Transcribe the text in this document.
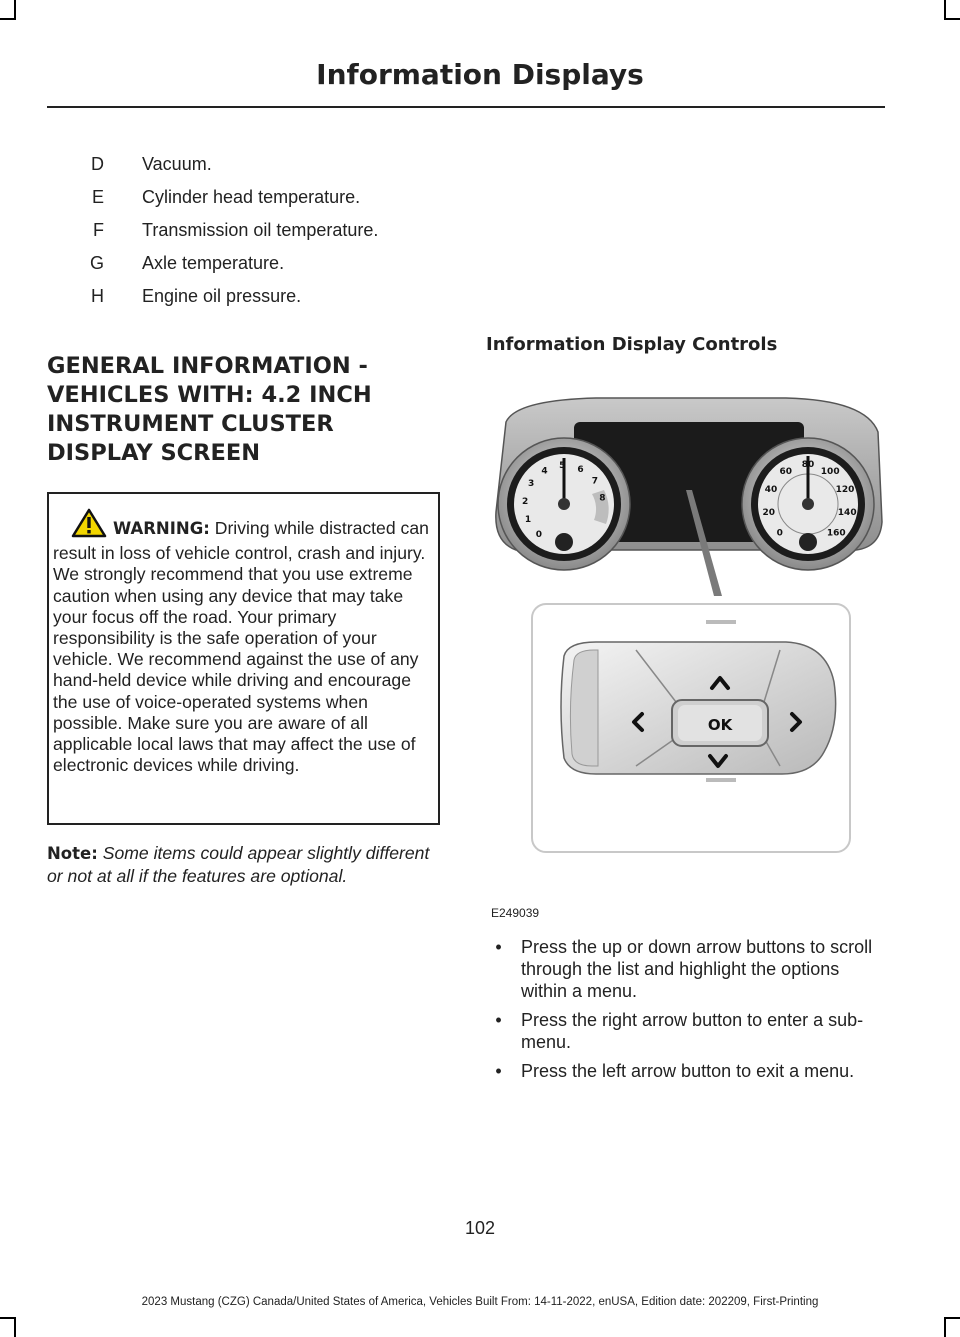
Information Displays
D Vacuum.
E Cylinder head temperature.
F Transmission oil temperature.
G Axle temperature.
H Engine oil pressure.
GENERAL INFORMATION -
VEHICLES WITH: 4.2 INCH
INSTRUMENT CLUSTER
DISPLAY SCREEN
WARNING: Driving while distracted can result in loss of vehicle control, crash and injury. We strongly recommend that you use extreme caution when using any device that may take your focus off the road. Your primary responsibility is the safe operation of your vehicle. We recommend against the use of any hand-held device while driving and encourage the use of voice-operated systems when possible. Make sure you are aware of all applicable local laws that may affect the use of electronic devices while driving.
Note: Some items could appear slightly different or not at all if the features are optional.
Information Display Controls
OK
0
1
2
3
4
5 6
7
8
0
20
40
60
80
100
120
140
160
E249039
•	Press the up or down arrow buttons to scroll through the list and highlight the options within a menu.
•	Press the right arrow button to enter a sub-menu.
•	Press the left arrow button to exit a menu.
102
2023 Mustang (CZG) Canada/United States of America, Vehicles Built From: 14-11-2022, enUSA, Edition date: 202209, First-Printing
